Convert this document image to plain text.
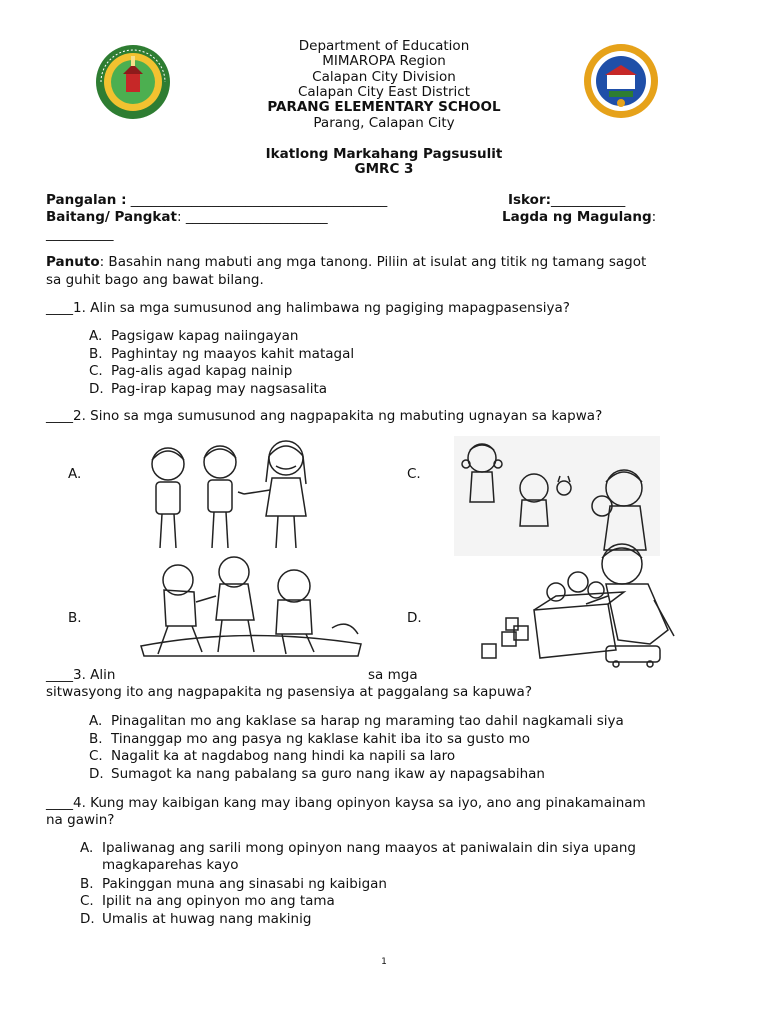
Department of Education
MIMAROPA Region
Calapan City Division
Calapan City East District
PARANG ELEMENTARY SCHOOL
Parang, Calapan City
Ikatlong Markahang Pagsusulit
GMRC 3
Pangalan : ______________________________________	Iskor:___________
Baitang/ Pangkat: _____________________	Lagda ng Magulang:
__________
Panuto: Basahin nang mabuti ang mga tanong. Piliin at isulat ang titik ng tamang sagot
sa guhit bago ang bawat bilang.
____1. Alin sa mga sumusunod ang halimbawa ng pagiging mapagpasensiya?
A. Pagsigaw kapag naiingayan
B. Paghintay ng maayos kahit matagal
C. Pag-alis agad kapag nainip
D. Pag-irap kapag may nagsasalita
____2. Sino sa mga sumusunod ang nagpapakita ng mabuting ugnayan sa kapwa?
A.
B.
C.
D.
____3. Alin	sa mga
sitwasyong ito ang nagpapakita ng pasensiya at paggalang sa kapuwa?
A. Pinagalitan mo ang kaklase sa harap ng maraming tao dahil nagkamali siya
B. Tinanggap mo ang pasya ng kaklase kahit iba ito sa gusto mo
C. Nagalit ka at nagdabog nang hindi ka napili sa laro
D. Sumagot ka nang pabalang sa guro nang ikaw ay napagsabihan
____4. Kung may kaibigan kang may ibang opinyon kaysa sa iyo, ano ang pinakamainam
na gawin?
A. Ipaliwanag ang sarili mong opinyon nang maayos at paniwalain din siya upang
magkaparehas kayo
B. Pakinggan muna ang sinasabi ng kaibigan
C. Ipilit na ang opinyon mo ang tama
D. Umalis at huwag nang makinig
1
